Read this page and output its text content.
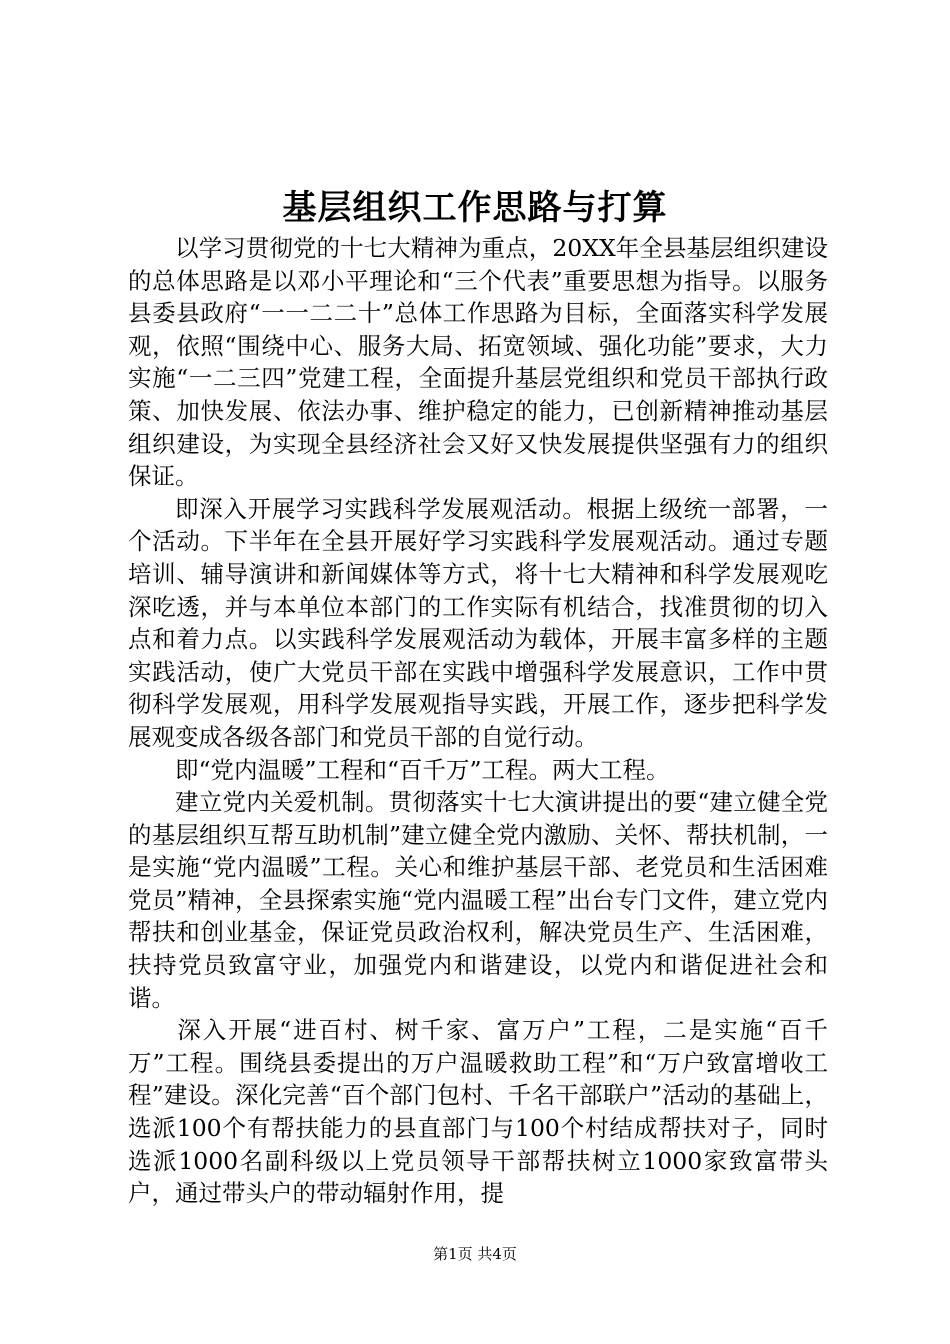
基层组织工作思路与打算

以学习贯彻党的十七大精神为重点，20XX年全县基层组织建设的总体思路是以邓小平理论和“三个代表”重要思想为指导。以服务县委县政府“一一二二十”总体工作思路为目标，全面落实科学发展观，依照“围绕中心、服务大局、拓宽领域、强化功能”要求，大力实施“一二三四”党建工程，全面提升基层党组织和党员干部执行政策、加快发展、依法办事、维护稳定的能力，已创新精神推动基层组织建设，为实现全县经济社会又好又快发展提供坚强有力的组织保证。

即深入开展学习实践科学发展观活动。根据上级统一部署，一个活动。下半年在全县开展好学习实践科学发展观活动。通过专题培训、辅导演讲和新闻媒体等方式，将十七大精神和科学发展观吃深吃透，并与本单位本部门的工作实际有机结合，找准贯彻的切入点和着力点。以实践科学发展观活动为载体，开展丰富多样的主题实践活动，使广大党员干部在实践中增强科学发展意识，工作中贯彻科学发展观，用科学发展观指导实践，开展工作，逐步把科学发展观变成各级各部门和党员干部的自觉行动。

即“党内温暖”工程和“百千万”工程。两大工程。

建立党内关爱机制。贯彻落实十七大演讲提出的要“建立健全党的基层组织互帮互助机制”建立健全党内激励、关怀、帮扶机制，一是实施“党内温暖”工程。关心和维护基层干部、老党员和生活困难党员”精神，全县探索实施“党内温暖工程”出台专门文件，建立党内帮扶和创业基金，保证党员政治权利，解决党员生产、生活困难，扶持党员致富守业，加强党内和谐建设，以党内和谐促进社会和谐。

深入开展“进百村、树千家、富万户”工程，二是实施“百千万”工程。围绕县委提出的万户温暖救助工程”和“万户致富增收工程”建设。深化完善“百个部门包村、千名干部联户”活动的基础上，选派100个有帮扶能力的县直部门与100个村结成帮扶对子，同时选派1000名副科级以上党员领导干部帮扶树立1000家致富带头户，通过带头户的带动辐射作用，提

第1页 共4页
